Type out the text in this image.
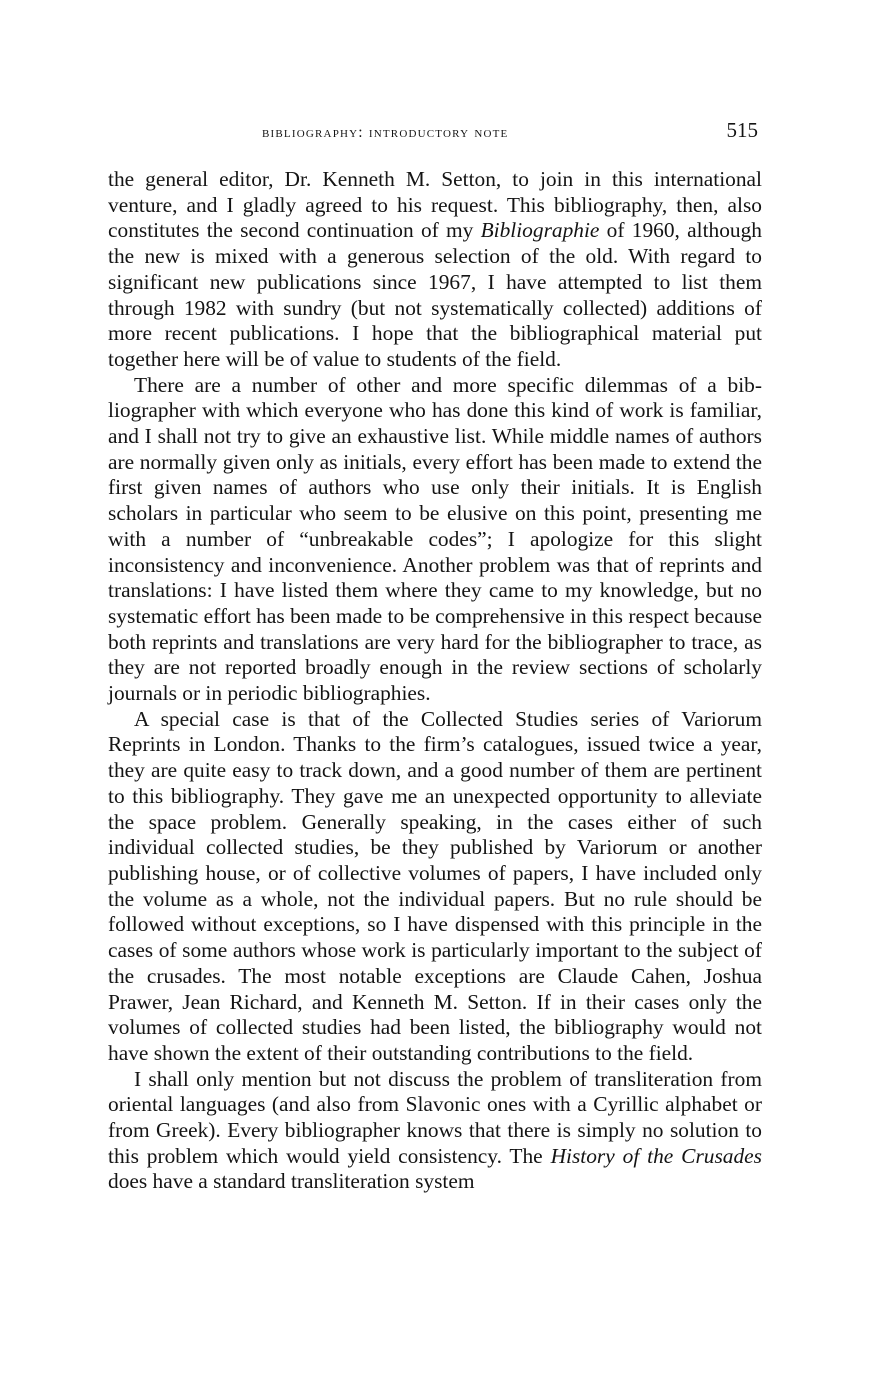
bibliography: introductory note	515

the general editor, Dr. Kenneth M. Setton, to join in this international venture, and I gladly agreed to his request. This bibliography, then, also constitutes the second continuation of my Bibliographie of 1960, although the new is mixed with a generous selection of the old. With regard to significant new publications since 1967, I have attempted to list them through 1982 with sundry (but not systematically collected) additions of more recent publications. I hope that the bibliographical material put together here will be of value to students of the field.

There are a number of other and more specific dilemmas of a bibliographer with which everyone who has done this kind of work is familiar, and I shall not try to give an exhaustive list. While middle names of authors are normally given only as initials, every effort has been made to extend the first given names of authors who use only their initials. It is English scholars in particular who seem to be elusive on this point, presenting me with a number of “unbreakable codes”; I apologize for this slight inconsistency and inconvenience. Another problem was that of reprints and translations: I have listed them where they came to my knowledge, but no systematic effort has been made to be comprehensive in this respect because both reprints and translations are very hard for the bibliographer to trace, as they are not reported broadly enough in the review sections of scholarly journals or in periodic bibliographies.

A special case is that of the Collected Studies series of Variorum Reprints in London. Thanks to the firm’s catalogues, issued twice a year, they are quite easy to track down, and a good number of them are pertinent to this bibliography. They gave me an unexpected opportunity to alleviate the space problem. Generally speaking, in the cases either of such individual collected studies, be they published by Variorum or another publishing house, or of collective volumes of papers, I have included only the volume as a whole, not the individual papers. But no rule should be followed without exceptions, so I have dispensed with this principle in the cases of some authors whose work is particularly important to the subject of the crusades. The most notable exceptions are Claude Cahen, Joshua Prawer, Jean Richard, and Kenneth M. Setton. If in their cases only the volumes of collected studies had been listed, the bibliography would not have shown the extent of their outstanding contributions to the field.

I shall only mention but not discuss the problem of transliteration from oriental languages (and also from Slavonic ones with a Cyrillic alphabet or from Greek). Every bibliographer knows that there is simply no solution to this problem which would yield consistency. The History of the Crusades does have a standard transliteration system
